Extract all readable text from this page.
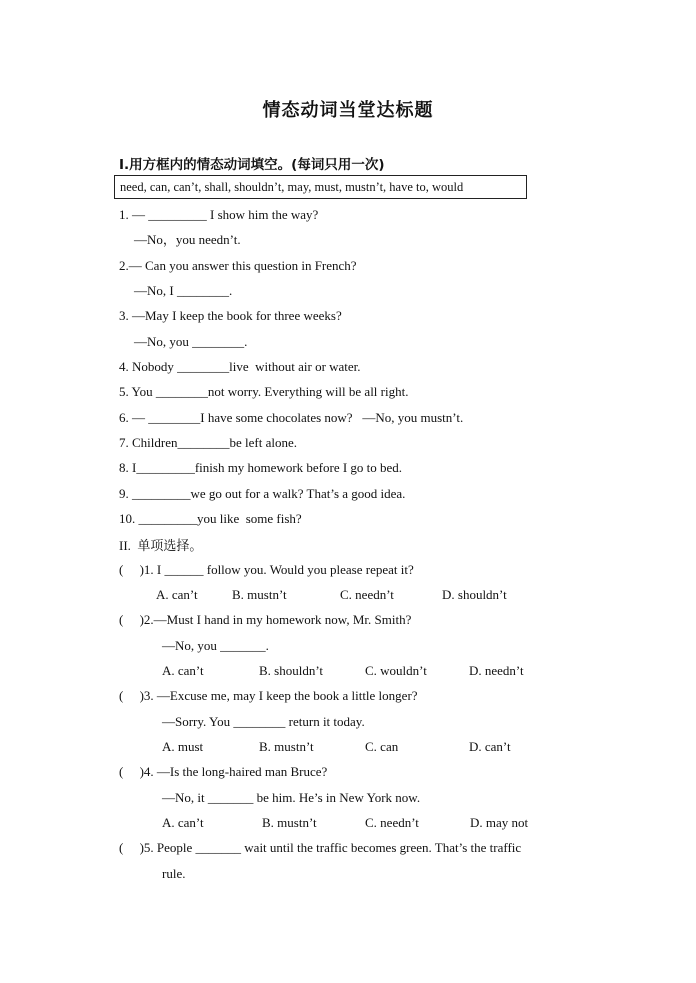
情态动词当堂达标题
I.用方框内的情态动词填空。(每词只用一次)
need, can, can’t, shall, shouldn’t, may, must, mustn’t, have to, would
1. — _________ I show him the way?
—No，you needn’t.
2.— Can you answer this question in French?
—No, I ________.
3. —May I keep the book for three weeks?
—No, you ________.
4. Nobody ________live  without air or water.
5. You ________not worry. Everything will be all right.
6. — ________I have some chocolates now?   —No, you mustn’t.
7. Children________be left alone.
8. I_________finish my homework before I go to bed.
9. _________we go out for a walk? That’s a good idea.
10. _________you like  some fish?
II.  单项选择。
(     )1. I ______ follow you. Would you please repeat it?
A. can’t	B. mustn’t	C. needn’t	D. shouldn’t
(     )2.—Must I hand in my homework now, Mr. Smith?
—No, you _______.
A. can’t	B. shouldn’t	C. wouldn’t	D. needn’t
(     )3. —Excuse me, may I keep the book a little longer?
—Sorry. You ________ return it today.
A. must	B. mustn’t	C. can	D. can’t
(     )4. —Is the long-haired man Bruce?
—No, it _______ be him. He’s in New York now.
A. can’t	B. mustn’t	C. needn’t	D. may not
(     )5. People _______ wait until the traffic becomes green. That’s the traffic
rule.
